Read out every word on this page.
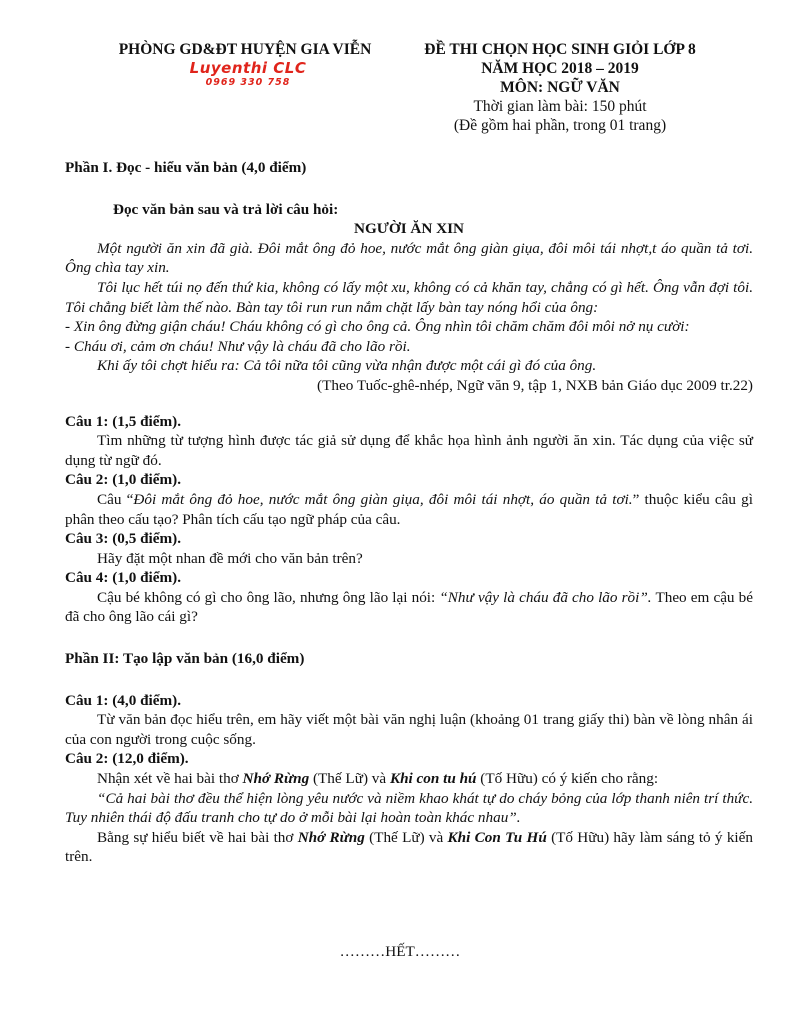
PHÒNG GD&ĐT HUYỆN GIA VIỄN
Luyenthi CLC
0969 330 758
ĐỀ THI CHỌN HỌC SINH GIỎI LỚP 8
NĂM HỌC 2018 – 2019
MÔN: NGỮ VĂN
Thời gian làm bài: 150 phút
(Đề gồm hai phần, trong 01 trang)

Phần I. Đọc - hiểu văn bản (4,0 điểm)

Đọc văn bản sau và trả lời câu hỏi:

NGƯỜI ĂN XIN

Một người ăn xin đã già. Đôi mắt ông đỏ hoe, nước mắt ông giàn giụa, đôi môi tái nhợt,t áo quần tả tơi. Ông chìa tay xin.

Tôi lục hết túi nọ đến thứ kia, không có lấy một xu, không có cả khăn tay, chẳng có gì hết. Ông vẫn đợi tôi. Tôi chẳng biết làm thế nào. Bàn tay tôi run run nắm chặt lấy bàn tay nóng hổi của ông:

- Xin ông đừng giận cháu! Cháu không có gì cho ông cả. Ông nhìn tôi chăm chăm đôi môi nở nụ cười:

- Cháu ơi, cảm ơn cháu! Như vậy là cháu đã cho lão rồi.

Khi ấy tôi chợt hiểu ra: Cả tôi nữa tôi cũng vừa nhận được một cái gì đó của ông.

(Theo Tuốc-ghê-nhép, Ngữ văn 9, tập 1, NXB bản Giáo dục 2009 tr.22)

Câu 1: (1,5 điểm).

Tìm những từ tượng hình được tác giả sử dụng để khắc họa hình ảnh người ăn xin. Tác dụng của việc sử dụng từ ngữ đó.

Câu 2: (1,0 điểm).

Câu “Đôi mắt ông đỏ hoe, nước mắt ông giàn giụa, đôi môi tái nhợt, áo quần tả tơi.” thuộc kiểu câu gì phân theo cấu tạo? Phân tích cấu tạo ngữ pháp của câu.

Câu 3: (0,5 điểm).

Hãy đặt một nhan đề mới cho văn bản trên?

Câu 4: (1,0 điểm).

Cậu bé không có gì cho ông lão, nhưng ông lão lại nói: “Như vậy là cháu đã cho lão rồi”. Theo em cậu bé đã cho ông lão cái gì?

Phần II: Tạo lập văn bản (16,0 điểm)

Câu 1: (4,0 điểm).

Từ văn bản đọc hiểu trên, em hãy viết một bài văn nghị luận (khoảng 01 trang giấy thi) bàn về lòng nhân ái của con người trong cuộc sống.

Câu 2: (12,0 điểm).

Nhận xét về hai bài thơ Nhớ Rừng (Thế Lữ) và Khi con tu hú (Tố Hữu) có ý kiến cho rằng:

“Cả hai bài thơ đều thể hiện lòng yêu nước và niềm khao khát tự do cháy bỏng của lớp thanh niên trí thức. Tuy nhiên thái độ đấu tranh cho tự do ở mỗi bài lại hoàn toàn khác nhau”.

Bằng sự hiểu biết về hai bài thơ Nhớ Rừng (Thế Lữ) và Khi Con Tu Hú (Tố Hữu) hãy làm sáng tỏ ý kiến trên.

………HẾT………
